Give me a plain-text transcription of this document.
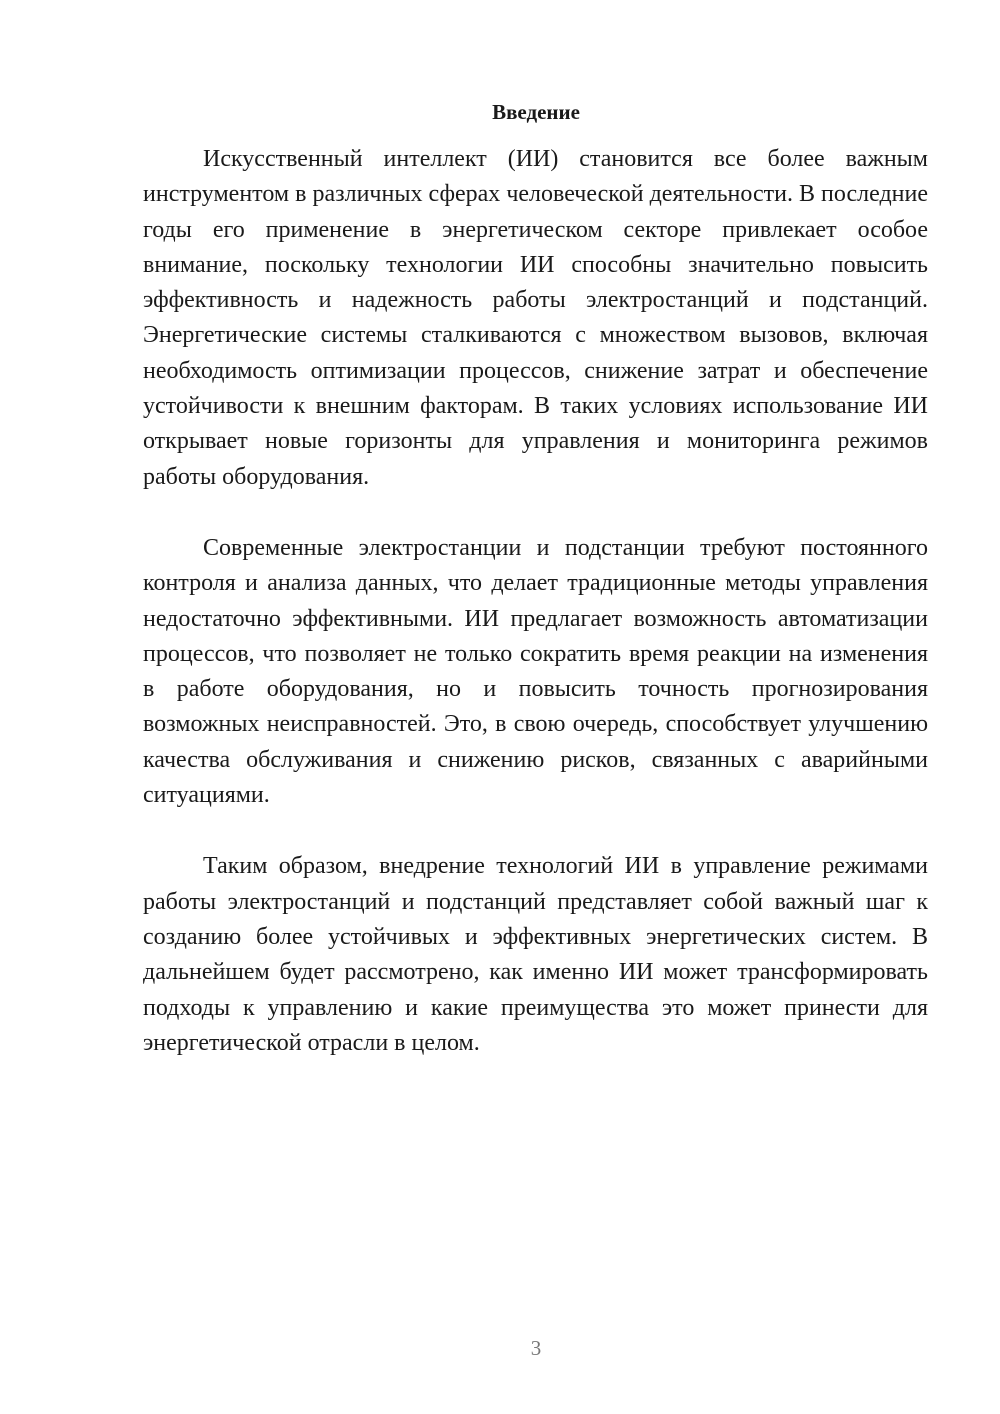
Введение

Искусственный интеллект (ИИ) становится все более важным инструментом в различных сферах человеческой деятельности. В последние годы его применение в энергетическом секторе привлекает особое внимание, поскольку технологии ИИ способны значительно повысить эффективность и надежность работы электростанций и подстанций. Энергетические системы сталкиваются с множеством вызовов, включая необходимость оптимизации процессов, снижение затрат и обеспечение устойчивости к внешним факторам. В таких условиях использование ИИ открывает новые горизонты для управления и мониторинга режимов работы оборудования.

Современные электростанции и подстанции требуют постоянного контроля и анализа данных, что делает традиционные методы управления недостаточно эффективными. ИИ предлагает возможность автоматизации процессов, что позволяет не только сократить время реакции на изменения в работе оборудования, но и повысить точность прогнозирования возможных неисправностей. Это, в свою очередь, способствует улучшению качества обслуживания и снижению рисков, связанных с аварийными ситуациями.

Таким образом, внедрение технологий ИИ в управление режимами работы электростанций и подстанций представляет собой важный шаг к созданию более устойчивых и эффективных энергетических систем. В дальнейшем будет рассмотрено, как именно ИИ может трансформировать подходы к управлению и какие преимущества это может принести для энергетической отрасли в целом.

3
